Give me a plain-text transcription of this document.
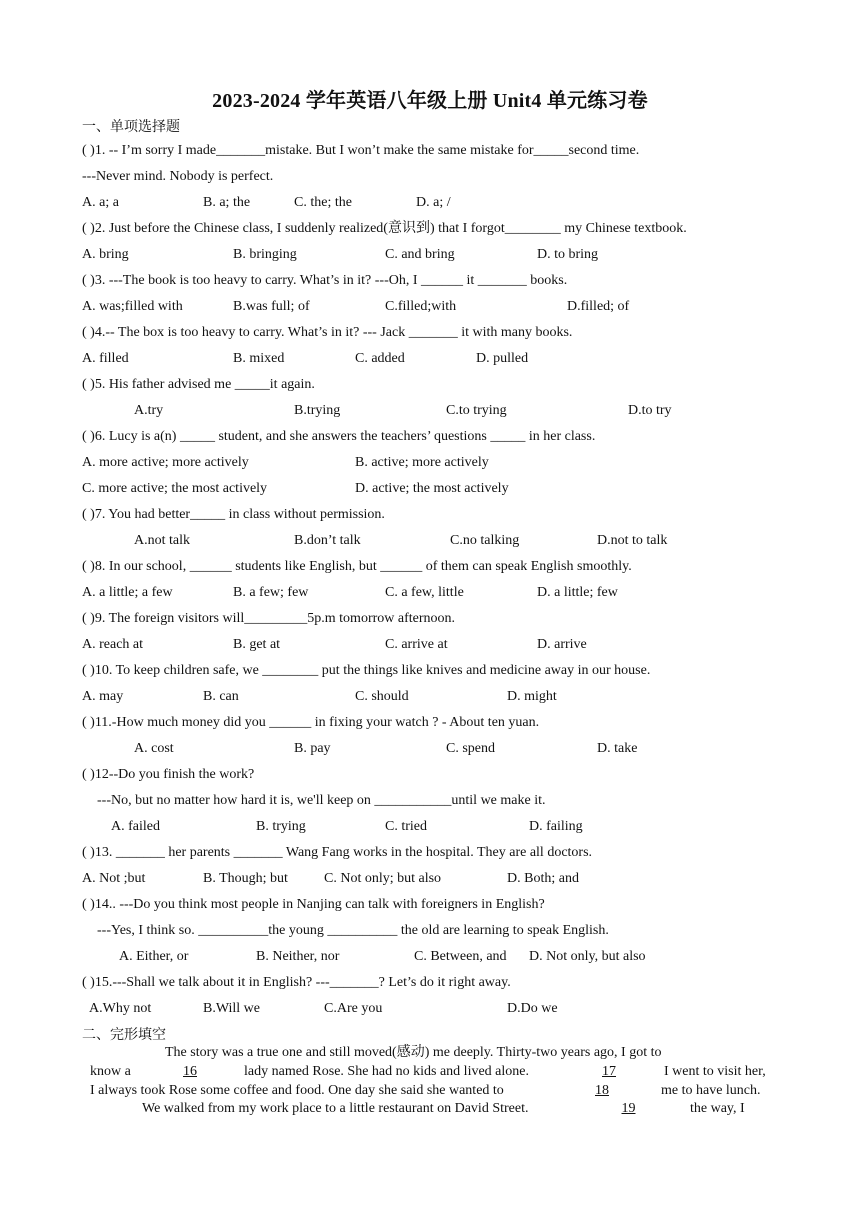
2023-2024 学年英语八年级上册 Unit4 单元练习卷
一、单项选择题
( )1. -- I’m sorry I made_______mistake. But I won’t make the same mistake for_____second time.
---Never mind. Nobody is perfect.
A. a; a	B. a; the	C. the; the	D. a; /
( )2. Just before the Chinese class, I suddenly realized(意识到) that I forgot________ my Chinese textbook.
A. bring	B. bringing	C. and bring	D. to bring
( )3. ---The book is too heavy to carry. What’s in it? ---Oh, I ______ it _______ books.
A. was;filled with	B.was full; of	C.filled;with	D.filled; of
( )4.-- The box is too heavy to carry. What’s in it? --- Jack _______ it with many books.
A. filled	B. mixed	C. added	D. pulled
( )5. His father advised me _____it again.
A.try	B.trying	C.to trying	D.to try
( )6. Lucy is a(n) _____ student, and she answers the teachers’ questions _____ in her class.
A. more active; more actively	B. active; more actively
C. more active; the most actively	D. active; the most actively
( )7. You had better_____ in class without permission.
A.not talk	B.don’t talk	C.no talking	D.not to talk
( )8. In our school, ______ students like English, but ______ of them can speak English smoothly.
A. a little; a few	B. a few; few	C. a few, little	D. a little; few
( )9. The foreign visitors will_________5p.m tomorrow afternoon.
A. reach at	B. get at	C. arrive at	D. arrive
( )10. To keep children safe, we ________ put the things like knives and medicine away in our house.
A. may	B. can	C. should	D. might
( )11.-How much money did you ______ in fixing your watch ? - About ten yuan.
A. cost	B. pay	C. spend	D. take
( )12--Do you finish the work?
---No, but no matter how hard it is, we'll keep on ___________until we make it.
A. failed	B. trying	C. tried	D. failing
( )13. _______ her parents _______ Wang Fang works in the hospital. They are all doctors.
A. Not ;but	B. Though; but	C. Not only; but also	D. Both; and
( )14.. ---Do you think most people in Nanjing can talk with foreigners in English?
---Yes, I think so. __________the young __________ the old are learning to speak English.
A. Either, or	B. Neither, nor	C. Between, and D. Not only, but also
( )15.---Shall we talk about it in English? ---_______? Let’s do it right away.
A.Why not	B.Will we	C.Are you	D.Do we
二、完形填空
The story was a true one and still moved(感动) me deeply. Thirty-two years ago, I got to
know a	16	lady named Rose. She had no kids and lived alone.	17	I went to visit her,
I always took Rose some coffee and food. One day she said she wanted to	18	me to have lunch.
We walked from my work place to a little restaurant on David Street.	19	the way, I
